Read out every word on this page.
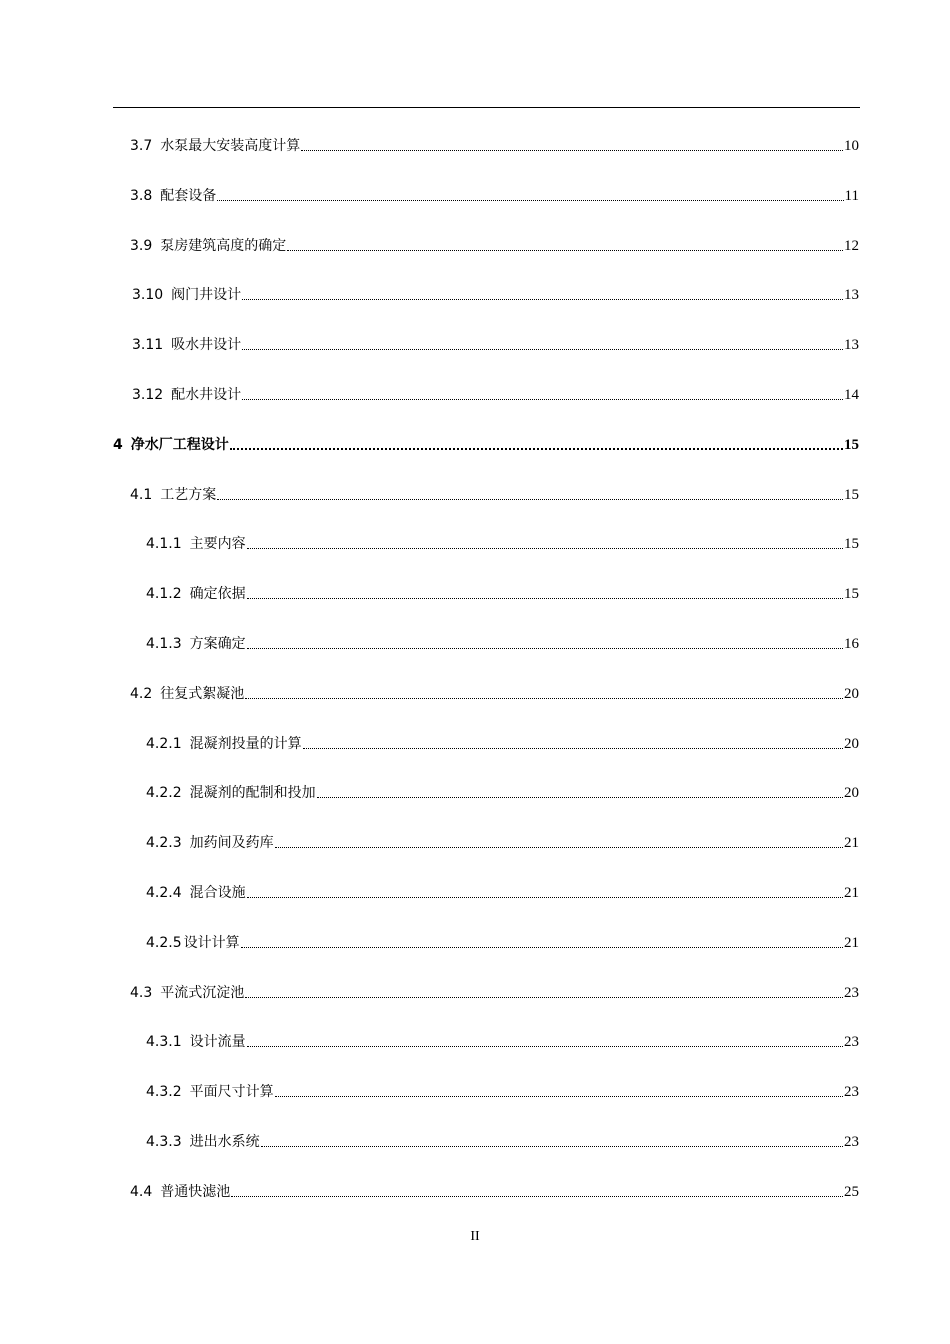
3.7 水泵最大安装高度计算	10
3.8 配套设备	11
3.9 泵房建筑高度的确定	12
3.10 阀门井设计	13
3.11 吸水井设计	13
3.12 配水井设计	14
4 净水厂工程设计	15
4.1 工艺方案	15
4.1.1 主要内容	15
4.1.2 确定依据	15
4.1.3 方案确定	16
4.2 往复式絮凝池	20
4.2.1 混凝剂投量的计算	20
4.2.2 混凝剂的配制和投加	20
4.2.3 加药间及药库	21
4.2.4 混合设施	21
4.2.5 设计计算	21
4.3 平流式沉淀池	23
4.3.1 设计流量	23
4.3.2 平面尺寸计算	23
4.3.3 进出水系统	23
4.4 普通快滤池	25
II
